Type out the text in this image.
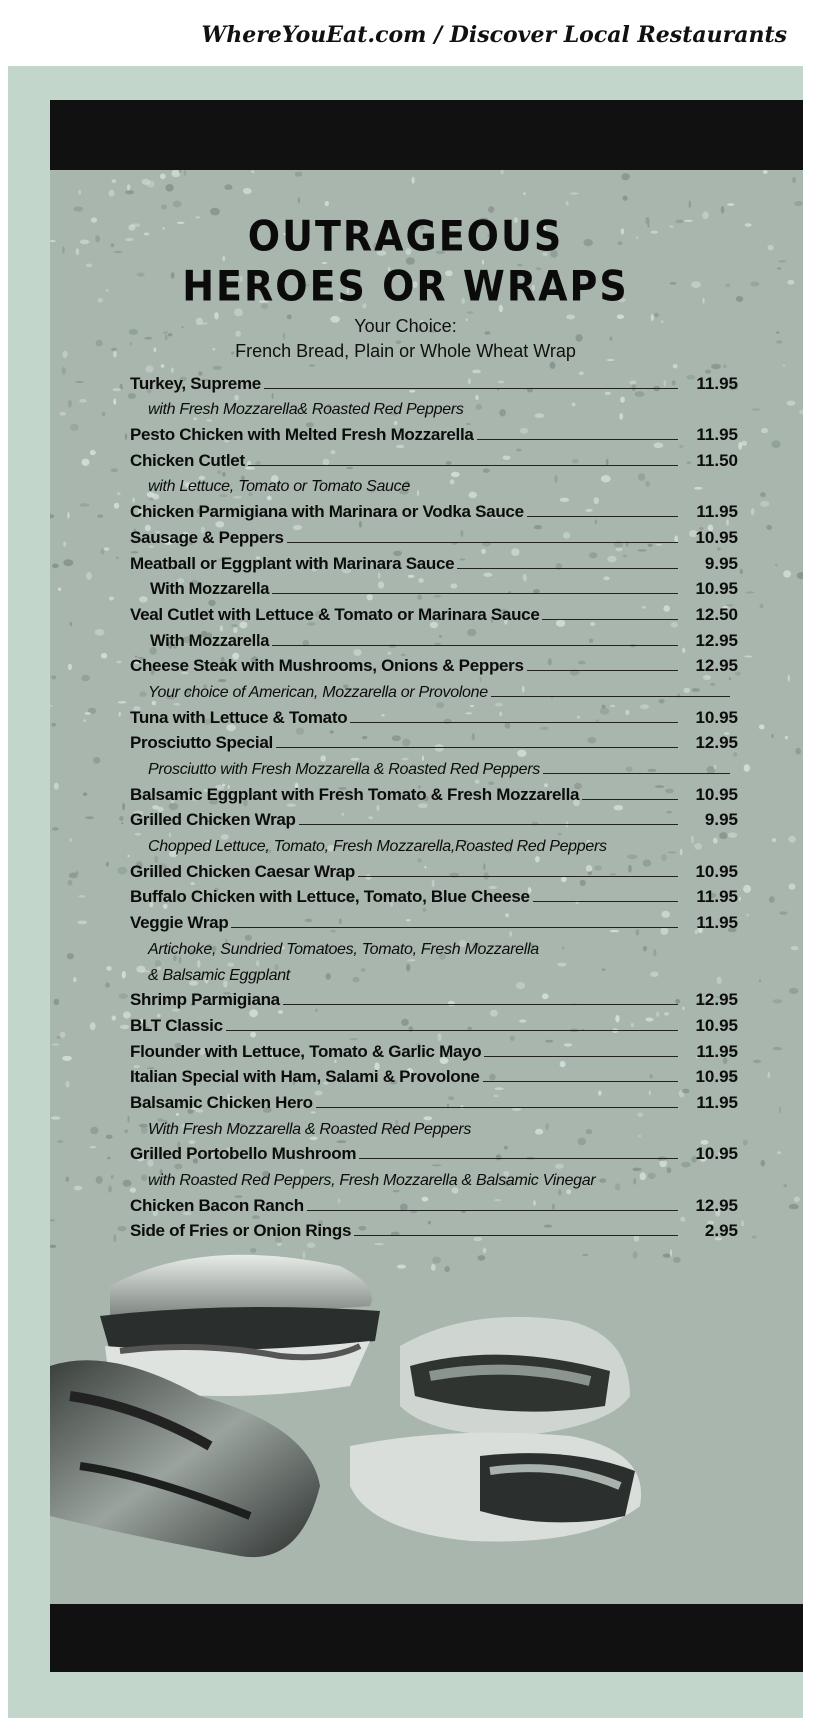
WhereYouEat.com / Discover Local Restaurants
OUTRAGEOUS
HEROES OR WRAPS
Your Choice:
French Bread, Plain or Whole Wheat Wrap
Turkey, Supreme	11.95
with Fresh Mozzarella& Roasted Red Peppers
Pesto Chicken with Melted Fresh Mozzarella	11.95
Chicken Cutlet	11.50
with Lettuce, Tomato or Tomato Sauce
Chicken Parmigiana with Marinara or Vodka Sauce	11.95
Sausage & Peppers	10.95
Meatball or Eggplant with Marinara Sauce	9.95
With Mozzarella	10.95
Veal Cutlet with Lettuce & Tomato or Marinara Sauce	12.50
With Mozzarella	12.95
Cheese Steak with Mushrooms, Onions & Peppers	12.95
Your choice of American, Mozzarella or Provolone
Tuna with Lettuce & Tomato	10.95
Prosciutto Special	12.95
Prosciutto with Fresh Mozzarella & Roasted Red Peppers
Balsamic Eggplant with Fresh Tomato & Fresh Mozzarella	10.95
Grilled Chicken Wrap	9.95
Chopped Lettuce, Tomato, Fresh Mozzarella,Roasted Red Peppers
Grilled Chicken Caesar Wrap	10.95
Buffalo Chicken with Lettuce, Tomato, Blue Cheese	11.95
Veggie Wrap	11.95
Artichoke, Sundried Tomatoes, Tomato, Fresh Mozzarella
& Balsamic Eggplant
Shrimp Parmigiana	12.95
BLT Classic	10.95
Flounder with Lettuce, Tomato & Garlic Mayo	11.95
Italian Special with Ham, Salami & Provolone	10.95
Balsamic Chicken Hero	11.95
With Fresh Mozzarella & Roasted Red Peppers
Grilled Portobello Mushroom	10.95
with Roasted Red Peppers, Fresh Mozzarella & Balsamic Vinegar
Chicken Bacon Ranch	12.95
Side of Fries or Onion Rings	2.95
